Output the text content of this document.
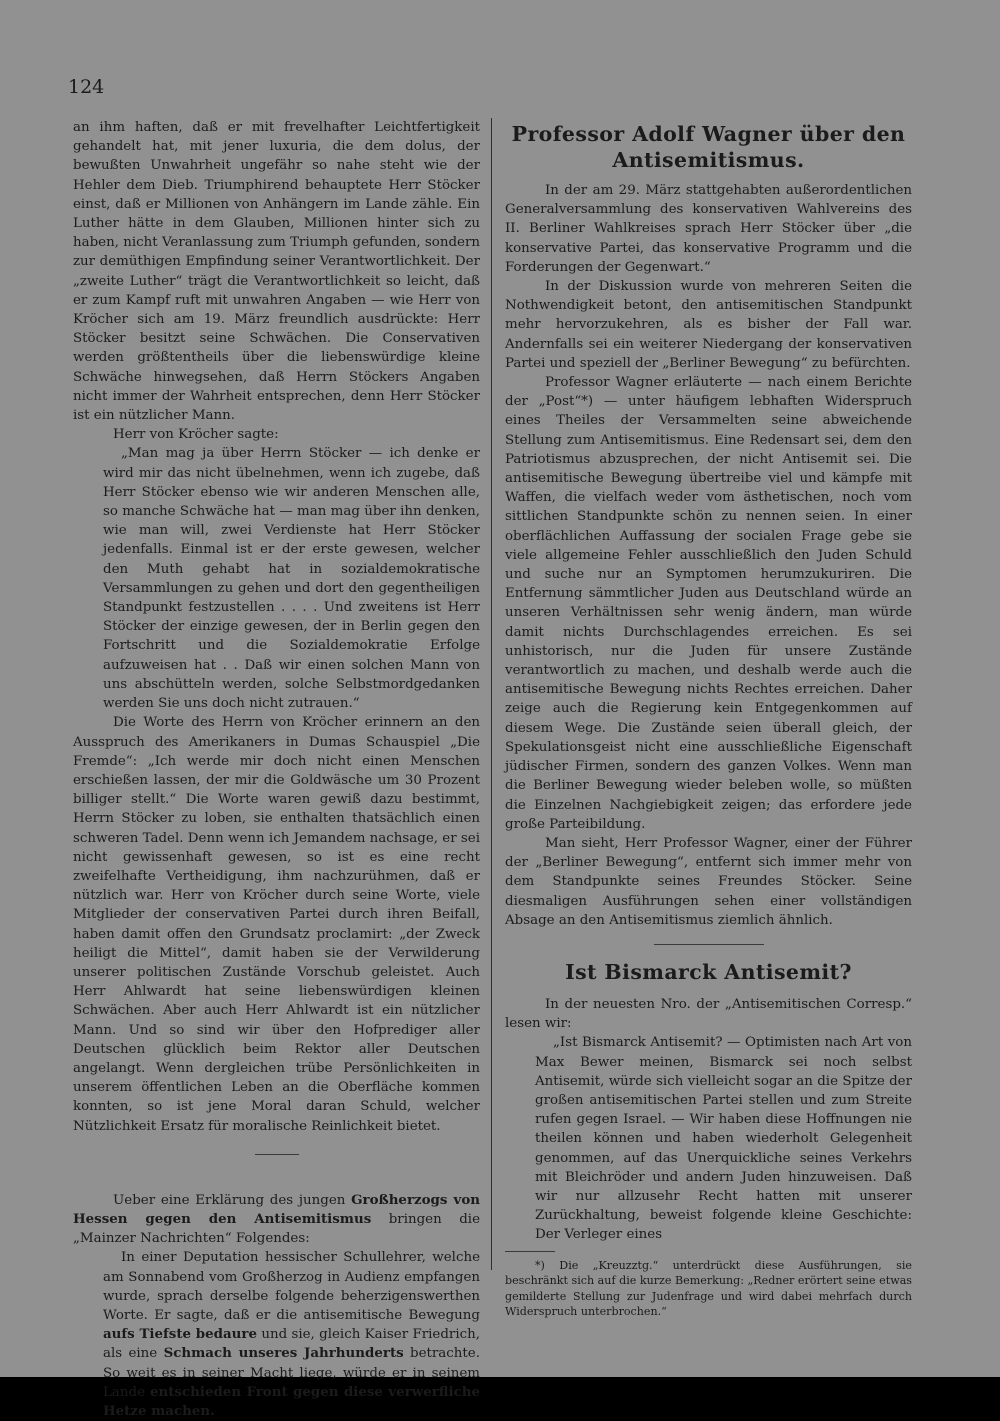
124

an ihm haften, daß er mit frevelhafter Leichtfertigkeit gehandelt hat, mit jener luxuria, die dem dolus, der bewußten Unwahrheit ungefähr so nahe steht wie der Hehler dem Dieb. Triumphirend behauptete Herr Stöcker einst, daß er Millionen von Anhängern im Lande zähle. Ein Luther hätte in dem Glauben, Millionen hinter sich zu haben, nicht Veranlassung zum Triumph gefunden, sondern zur demüthigen Empfindung seiner Verantwortlichkeit. Der „zweite Luther“ trägt die Verantwortlichkeit so leicht, daß er zum Kampf ruft mit unwahren Angaben — wie Herr von Kröcher sich am 19. März freundlich ausdrückte: Herr Stöcker besitzt seine Schwächen. Die Conservativen werden größtentheils über die liebenswürdige kleine Schwäche hinwegsehen, daß Herrn Stöckers Angaben nicht immer der Wahrheit entsprechen, denn Herr Stöcker ist ein nützlicher Mann.

Herr von Kröcher sagte:

„Man mag ja über Herrn Stöcker — ich denke er wird mir das nicht übelnehmen, wenn ich zugebe, daß Herr Stöcker ebenso wie wir anderen Menschen alle, so manche Schwäche hat — man mag über ihn denken, wie man will, zwei Verdienste hat Herr Stöcker jedenfalls. Einmal ist er der erste gewesen, welcher den Muth gehabt hat in sozialdemokratische Versammlungen zu gehen und dort den gegentheiligen Standpunkt festzustellen . . . . Und zweitens ist Herr Stöcker der einzige gewesen, der in Berlin gegen den Fortschritt und die Sozialdemokratie Erfolge aufzuweisen hat . . Daß wir einen solchen Mann von uns abschütteln werden, solche Selbstmordgedanken werden Sie uns doch nicht zutrauen.“

Die Worte des Herrn von Kröcher erinnern an den Ausspruch des Amerikaners in Dumas Schauspiel „Die Fremde“: „Ich werde mir doch nicht einen Menschen erschießen lassen, der mir die Goldwäsche um 30 Prozent billiger stellt.“ Die Worte waren gewiß dazu bestimmt, Herrn Stöcker zu loben, sie enthalten thatsächlich einen schweren Tadel. Denn wenn ich Jemandem nachsage, er sei nicht gewissenhaft gewesen, so ist es eine recht zweifelhafte Vertheidigung, ihm nachzurühmen, daß er nützlich war. Herr von Kröcher durch seine Worte, viele Mitglieder der conservativen Partei durch ihren Beifall, haben damit offen den Grundsatz proclamirt: „der Zweck heiligt die Mittel“, damit haben sie der Verwilderung unserer politischen Zustände Vorschub geleistet. Auch Herr Ahlwardt hat seine liebenswürdigen kleinen Schwächen. Aber auch Herr Ahlwardt ist ein nützlicher Mann. Und so sind wir über den Hofprediger aller Deutschen glücklich beim Rektor aller Deutschen angelangt. Wenn dergleichen trübe Persönlichkeiten in unserem öffentlichen Leben an die Oberfläche kommen konnten, so ist jene Moral daran Schuld, welcher Nützlichkeit Ersatz für moralische Reinlichkeit bietet.

Ueber eine Erklärung des jungen Großherzogs von Hessen gegen den Antisemitismus bringen die „Mainzer Nachrichten“ Folgendes:

In einer Deputation hessischer Schullehrer, welche am Sonnabend vom Großherzog in Audienz empfangen wurde, sprach derselbe folgende beherzigenswerthen Worte. Er sagte, daß er die antisemitische Bewegung aufs Tiefste bedaure und sie, gleich Kaiser Friedrich, als eine Schmach unseres Jahrhunderts betrachte. So weit es in seiner Macht liege, würde er in seinem Lande entschieden Front gegen diese verwerfliche Hetze machen.

Professor Adolf Wagner über den Antisemitismus.

In der am 29. März stattgehabten außerordentlichen Generalversammlung des konservativen Wahlvereins des II. Berliner Wahlkreises sprach Herr Stöcker über „die konservative Partei, das konservative Programm und die Forderungen der Gegenwart.“

In der Diskussion wurde von mehreren Seiten die Nothwendigkeit betont, den antisemitischen Standpunkt mehr hervorzukehren, als es bisher der Fall war. Andernfalls sei ein weiterer Niedergang der konservativen Partei und speziell der „Berliner Bewegung“ zu befürchten.

Professor Wagner erläuterte — nach einem Berichte der „Post“*) — unter häufigem lebhaften Widerspruch eines Theiles der Versammelten seine abweichende Stellung zum Antisemitismus. Eine Redensart sei, dem den Patriotismus abzusprechen, der nicht Antisemit sei. Die antisemitische Bewegung übertreibe viel und kämpfe mit Waffen, die vielfach weder vom ästhetischen, noch vom sittlichen Standpunkte schön zu nennen seien. In einer oberflächlichen Auffassung der socialen Frage gebe sie viele allgemeine Fehler ausschließlich den Juden Schuld und suche nur an Symptomen herumzukuriren. Die Entfernung sämmtlicher Juden aus Deutschland würde an unseren Verhältnissen sehr wenig ändern, man würde damit nichts Durchschlagendes erreichen. Es sei unhistorisch, nur die Juden für unsere Zustände verantwortlich zu machen, und deshalb werde auch die antisemitische Bewegung nichts Rechtes erreichen. Daher zeige auch die Regierung kein Entgegenkommen auf diesem Wege. Die Zustände seien überall gleich, der Spekulationsgeist nicht eine ausschließliche Eigenschaft jüdischer Firmen, sondern des ganzen Volkes. Wenn man die Berliner Bewegung wieder beleben wolle, so müßten die Einzelnen Nachgiebigkeit zeigen; das erfordere jede große Parteibildung.

Man sieht, Herr Professor Wagner, einer der Führer der „Berliner Bewegung“, entfernt sich immer mehr von dem Standpunkte seines Freundes Stöcker. Seine diesmaligen Ausführungen sehen einer vollständigen Absage an den Antisemitismus ziemlich ähnlich.

Ist Bismarck Antisemit?

In der neuesten Nro. der „Antisemitischen Corresp.“ lesen wir:

„Ist Bismarck Antisemit? — Optimisten nach Art von Max Bewer meinen, Bismarck sei noch selbst Antisemit, würde sich vielleicht sogar an die Spitze der großen antisemitischen Partei stellen und zum Streite rufen gegen Israel. — Wir haben diese Hoffnungen nie theilen können und haben wiederholt Gelegenheit genommen, auf das Unerquickliche seines Verkehrs mit Bleichröder und andern Juden hinzuweisen. Daß wir nur allzusehr Recht hatten mit unserer Zurückhaltung, beweist folgende kleine Geschichte: Der Verleger eines

*) Die „Kreuzztg.“ unterdrückt diese Ausführungen, sie beschränkt sich auf die kurze Bemerkung: „Redner erörtert seine etwas gemilderte Stellung zur Judenfrage und wird dabei mehrfach durch Widerspruch unterbrochen.“
